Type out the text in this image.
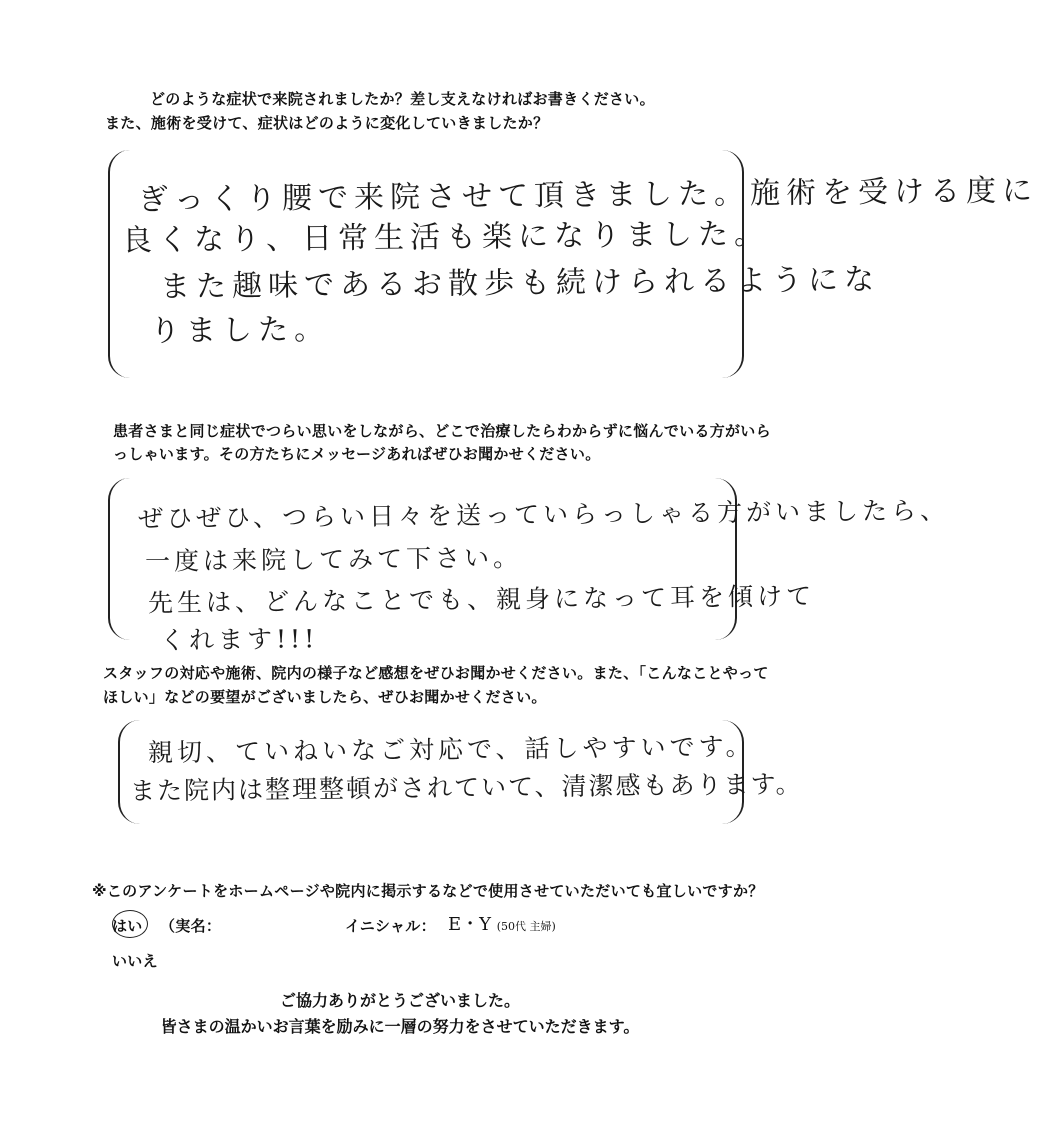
どのような症状で来院されましたか？差し支えなければお書きください。
また、施術を受けて、症状はどのように変化していきましたか？
ぎっくり腰で来院させて頂きました。施術を受ける度に
良くなり、日常生活も楽になりました。
また趣味であるお散歩も続けられるようにな
りました。
患者さまと同じ症状でつらい思いをしながら、どこで治療したらわからずに悩んでいる方がいら
っしゃいます。その方たちにメッセージあればぜひお聞かせください。
ぜひぜひ、つらい日々を送っていらっしゃる方がいましたら、
一度は来院してみて下さい。
先生は、どんなことでも、親身になって耳を傾けて
くれます!!!
スタッフの対応や施術、院内の様子など感想をぜひお聞かせください。また、「こんなことやって
ほしい」などの要望がございましたら、ぜひお聞かせください。
親切、ていねいなご対応で、話しやすいです。
また院内は整理整頓がされていて、清潔感もあります。
※このアンケートをホームページや院内に掲示するなどで使用させていただいても宜しいですか？
はい （実名：	イニシャル： E・Y (50代 主婦)
いいえ
ご協力ありがとうございました。
皆さまの温かいお言葉を励みに一層の努力をさせていただきます。
